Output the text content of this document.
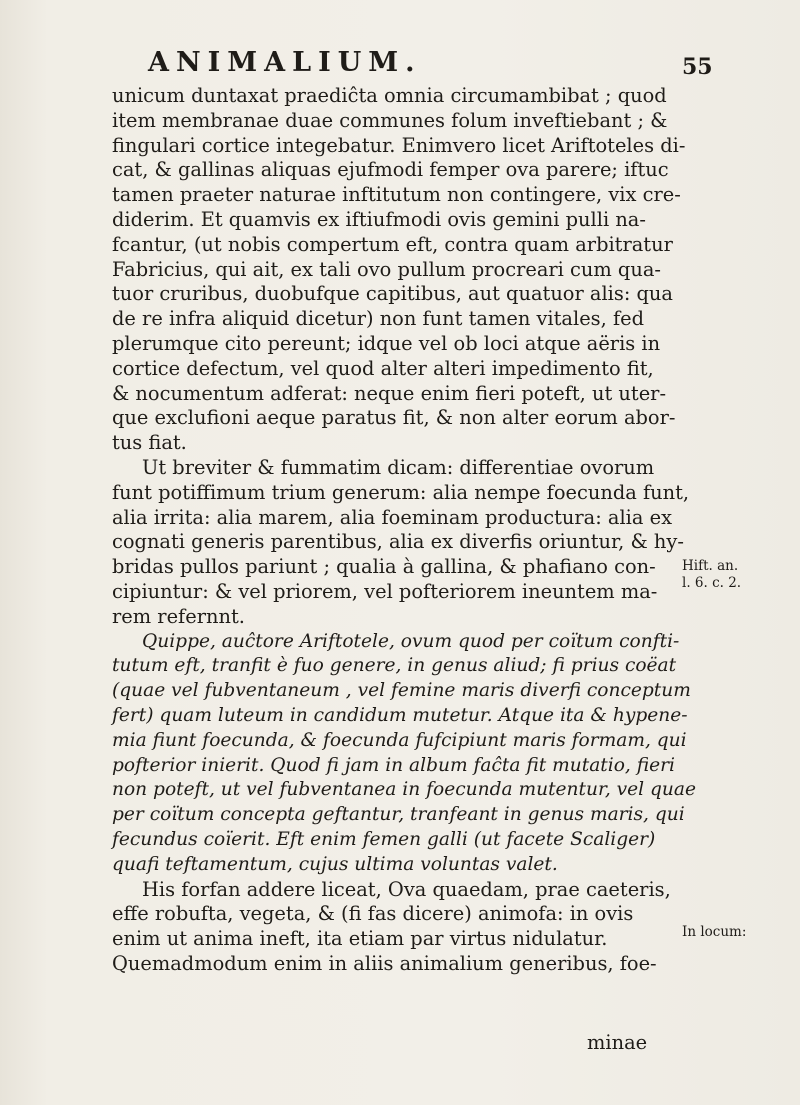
ANIMALIUM.	55
unicum duntaxat praediĉta omnia circumambibat ; quod
item membranae duae communes folum inveftiebant ; &
fingulari cortice integebatur. Enimvero licet Ariftoteles di-
cat, & gallinas aliquas ejufmodi femper ova parere; iftuc
tamen praeter naturae inftitutum non contingere, vix cre-
diderim. Et quamvis ex iftiufmodi ovis gemini pulli na-
fcantur, (ut nobis compertum eft, contra quam arbitratur
Fabricius, qui ait, ex tali ovo pullum procreari cum qua-
tuor cruribus, duobufque capitibus, aut quatuor alis: qua
de re infra aliquid dicetur) non funt tamen vitales, fed
plerumque cito pereunt; idque vel ob loci atque aëris in
cortice defectum, vel quod alter alteri impedimento fit,
& nocumentum adferat: neque enim fieri poteft, ut uter-
que exclufioni aeque paratus fit, & non alter eorum abor-
tus fiat.
Ut breviter & fummatim dicam: differentiae ovorum
funt potiffimum trium generum: alia nempe foecunda funt,
alia irrita: alia marem, alia foeminam productura: alia ex
cognati generis parentibus, alia ex diverfis oriuntur, & hy-
bridas pullos pariunt ; qualia à gallina, & phafiano con-
cipiuntur: & vel priorem, vel pofteriorem ineuntem ma-
rem refernnt.
Quippe, auĉtore Ariftotele, ovum quod per coïtum confti-
tutum eft, tranfit è fuo genere, in genus aliud; fi prius coëat
(quae vel fubventaneum , vel femine maris diverfi conceptum
fert) quam luteum in candidum mutetur. Atque ita & hypene-
mia fiunt foecunda, & foecunda fufcipiunt maris formam, qui
pofterior inierit. Quod fi jam in album faĉta fit mutatio, fieri
non poteft, ut vel fubventanea in foecunda mutentur, vel quae
per coïtum concepta geftantur, tranfeant in genus maris, qui
fecundus coïerit. Eft enim femen galli (ut facete Scaliger)
quafi teftamentum, cujus ultima voluntas valet.
His forfan addere liceat, Ova quaedam, prae caeteris,
effe robufta, vegeta, & (fi fas dicere) animofa: in ovis
enim ut anima ineft, ita etiam par virtus nidulatur.
Quemadmodum enim in aliis animalium generibus, foe-
Hift. an.
l. 6. c. 2.
In locum:
minae
